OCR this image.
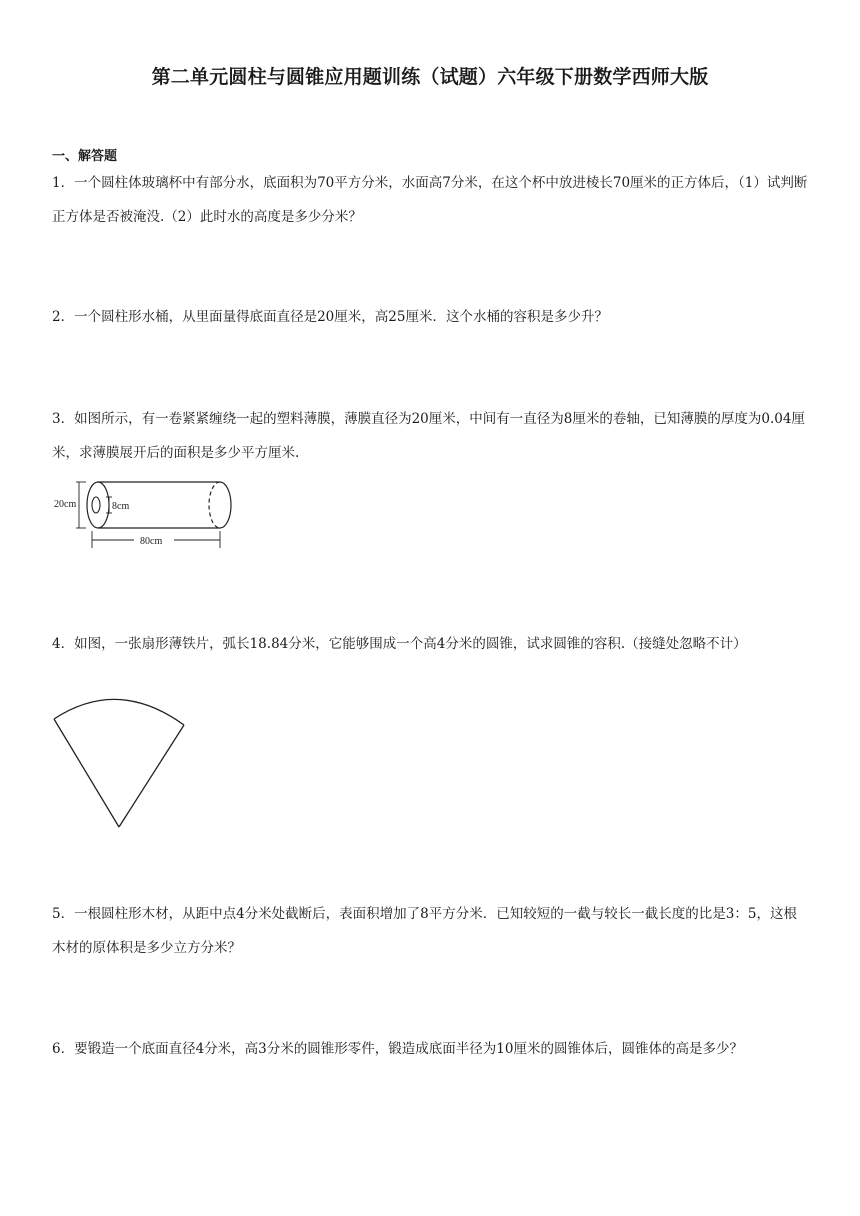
第二单元圆柱与圆锥应用题训练（试题）六年级下册数学西师大版
一、解答题
1．一个圆柱体玻璃杯中有部分水，底面积为70平方分米，水面高7分米，在这个杯中放进棱长70厘米的正方体后，（1）试判断正方体是否被淹没.（2）此时水的高度是多少分米？
2．一个圆柱形水桶，从里面量得底面直径是20厘米，高25厘米．这个水桶的容积是多少升？
3．如图所示，有一卷紧紧缠绕一起的塑料薄膜，薄膜直径为20厘米，中间有一直径为8厘米的卷轴，已知薄膜的厚度为0.04厘米，求薄膜展开后的面积是多少平方厘米.
20cm	8cm
80cm
4．如图，一张扇形薄铁片，弧长18.84分米，它能够围成一个高4分米的圆锥，试求圆锥的容积.（接缝处忽略不计）
5．一根圆柱形木材，从距中点4分米处截断后，表面积增加了8平方分米．已知较短的一截与较长一截长度的比是3：5，这根木材的原体积是多少立方分米？
6．要锻造一个底面直径4分米，高3分米的圆锥形零件，锻造成底面半径为10厘米的圆锥体后，圆锥体的高是多少？
